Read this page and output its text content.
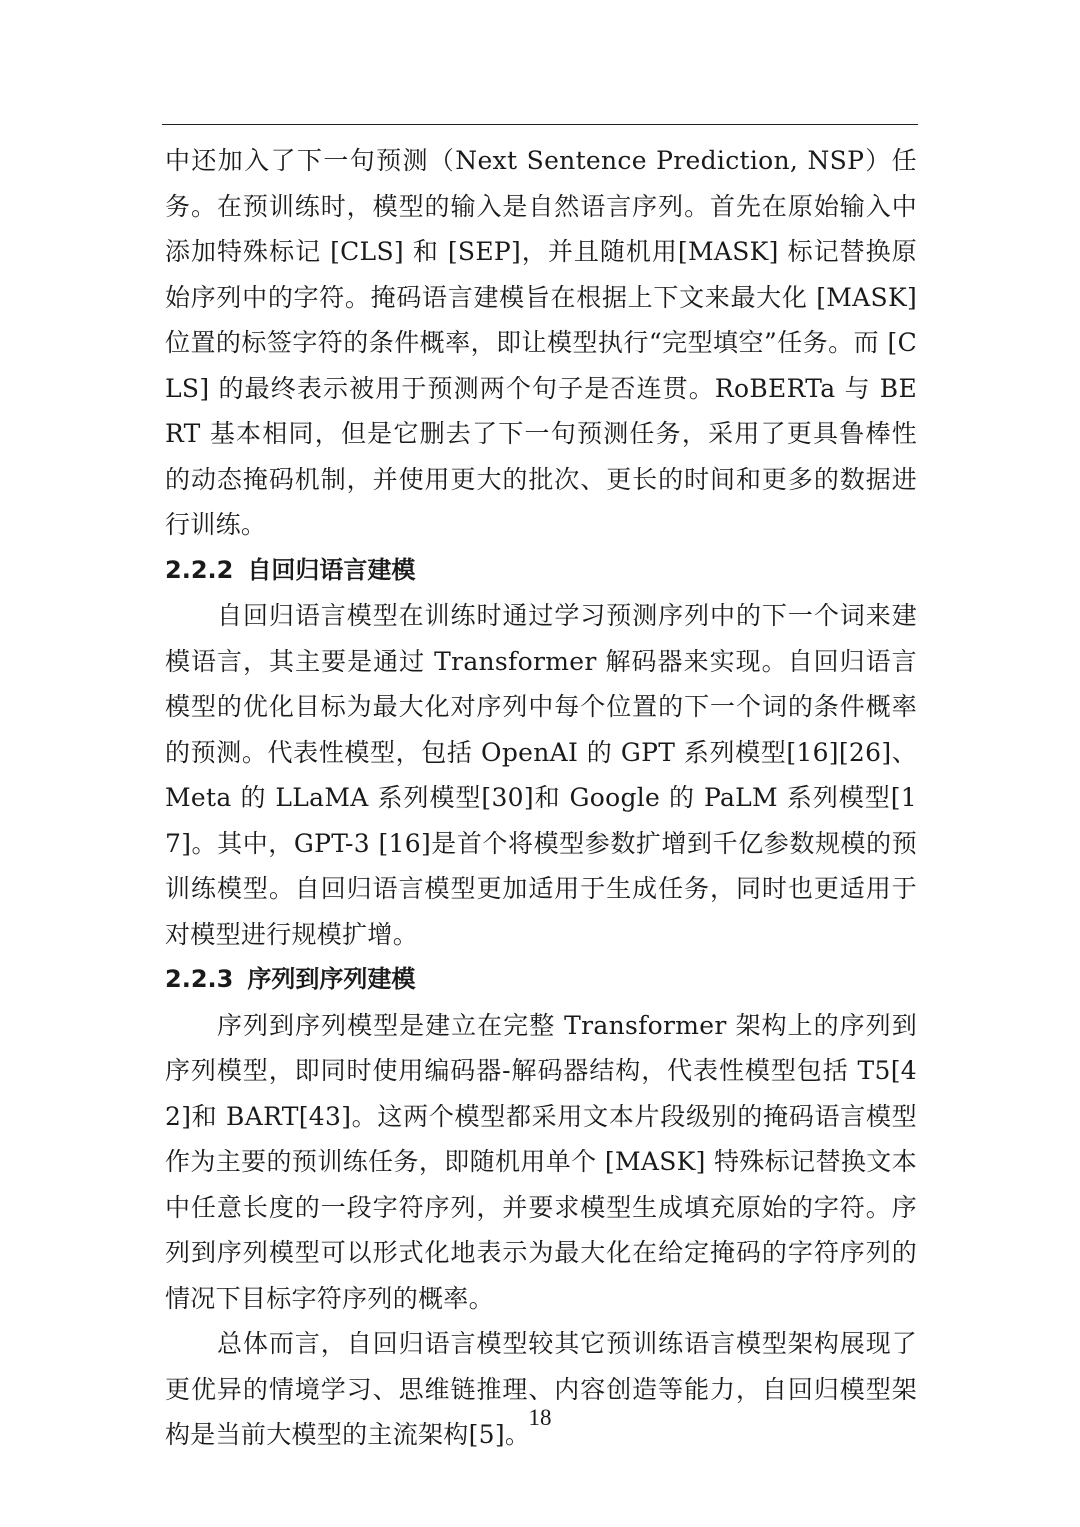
中还加入了下一句预测（Next Sentence Prediction, NSP）任务。在预训练时，模型的输入是自然语言序列。首先在原始输入中添加特殊标记 [CLS] 和 [SEP]，并且随机用[MASK] 标记替换原始序列中的字符。掩码语言建模旨在根据上下文来最大化 [MASK]位置的标签字符的条件概率，即让模型执行“完型填空”任务。而 [CLS] 的最终表示被用于预测两个句子是否连贯。RoBERTa 与 BERT 基本相同，但是它删去了下一句预测任务，采用了更具鲁棒性的动态掩码机制，并使用更大的批次、更长的时间和更多的数据进行训练。

2.2.2 自回归语言建模

自回归语言模型在训练时通过学习预测序列中的下一个词来建模语言，其主要是通过 Transformer 解码器来实现。自回归语言模型的优化目标为最大化对序列中每个位置的下一个词的条件概率的预测。代表性模型，包括 OpenAI 的 GPT 系列模型[16][26]、Meta 的 LLaMA 系列模型[30]和 Google 的 PaLM 系列模型[17]。其中，GPT-3 [16]是首个将模型参数扩增到千亿参数规模的预训练模型。自回归语言模型更加适用于生成任务，同时也更适用于对模型进行规模扩增。

2.2.3 序列到序列建模

序列到序列模型是建立在完整 Transformer 架构上的序列到序列模型，即同时使用编码器-解码器结构，代表性模型包括 T5[42]和 BART[43]。这两个模型都采用文本片段级别的掩码语言模型作为主要的预训练任务，即随机用单个 [MASK] 特殊标记替换文本中任意长度的一段字符序列，并要求模型生成填充原始的字符。序列到序列模型可以形式化地表示为最大化在给定掩码的字符序列的情况下目标字符序列的概率。

总体而言，自回归语言模型较其它预训练语言模型架构展现了更优异的情境学习、思维链推理、内容创造等能力，自回归模型架构是当前大模型的主流架构[5]。

18
